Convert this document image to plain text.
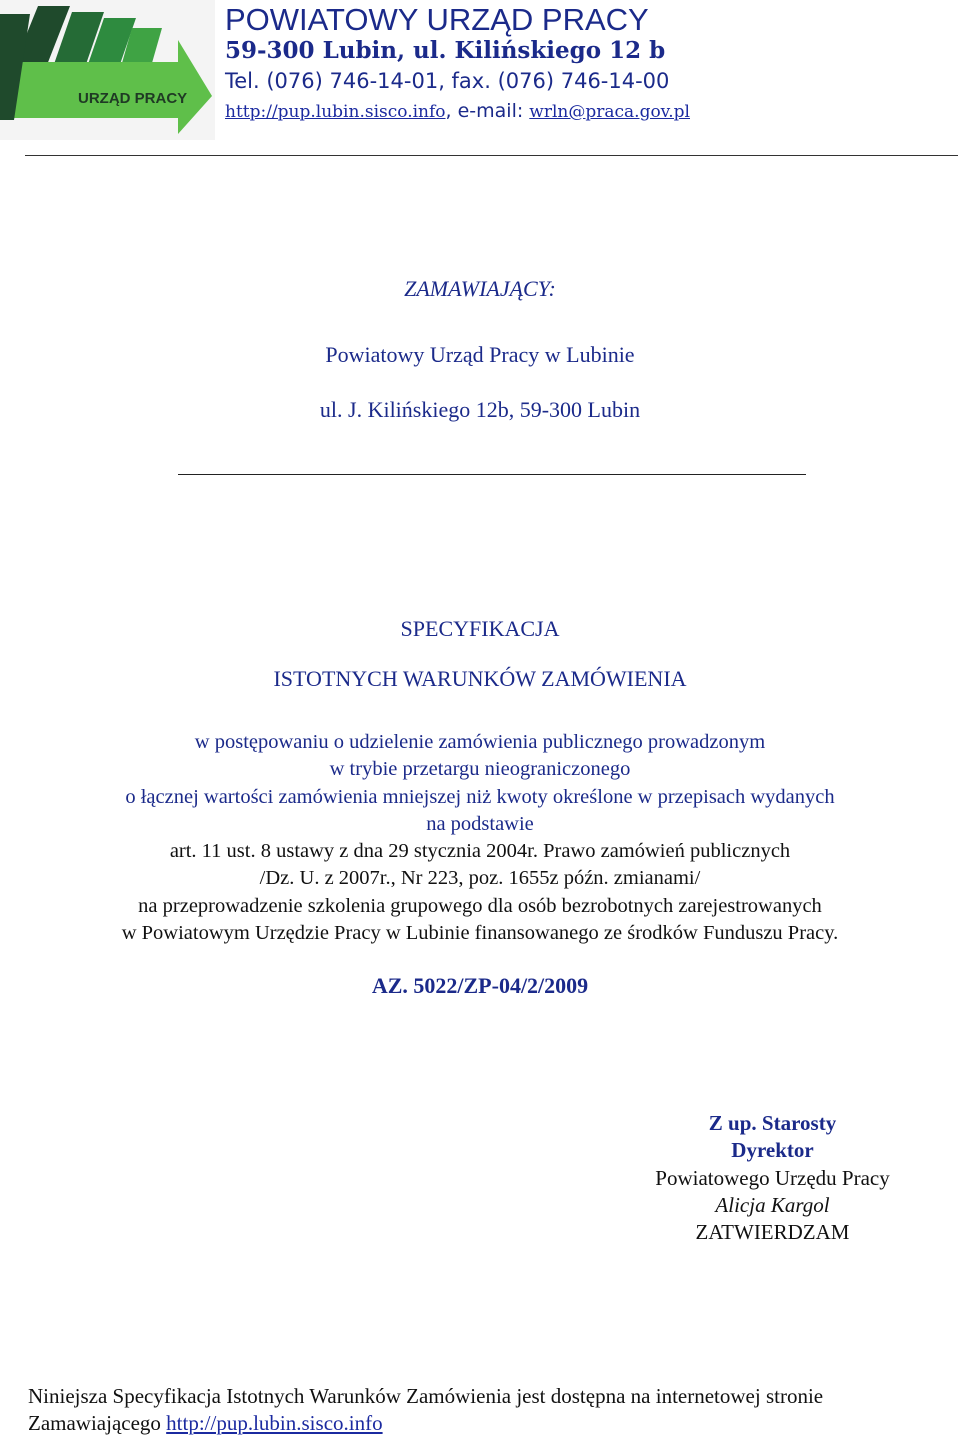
URZĄD PRACY
POWIATOWY URZĄD PRACY
59-300 Lubin, ul. Kilińskiego 12 b
Tel. (076) 746-14-01, fax. (076) 746-14-00
http://pup.lubin.sisco.info, e-mail: wrln@praca.gov.pl
ZAMAWIAJĄCY:
Powiatowy Urząd Pracy w Lubinie
ul. J. Kilińskiego 12b, 59-300 Lubin
SPECYFIKACJA
ISTOTNYCH WARUNKÓW ZAMÓWIENIA
w postępowaniu o udzielenie zamówienia publicznego prowadzonym
w trybie przetargu nieograniczonego
o łącznej wartości zamówienia mniejszej niż kwoty określone w przepisach wydanych
na podstawie
art. 11 ust. 8 ustawy z dna 29 stycznia 2004r. Prawo zamówień publicznych
/Dz. U. z 2007r., Nr 223, poz. 1655z późn. zmianami/
na przeprowadzenie szkolenia grupowego dla osób bezrobotnych zarejestrowanych
w Powiatowym Urzędzie Pracy w Lubinie finansowanego ze środków Funduszu Pracy.
AZ. 5022/ZP-04/2/2009
Z up. Starosty
Dyrektor
Powiatowego Urzędu Pracy
Alicja Kargol
ZATWIERDZAM
Niniejsza Specyfikacja Istotnych Warunków Zamówienia jest dostępna na internetowej stronie Zamawiającego http://pup.lubin.sisco.info
